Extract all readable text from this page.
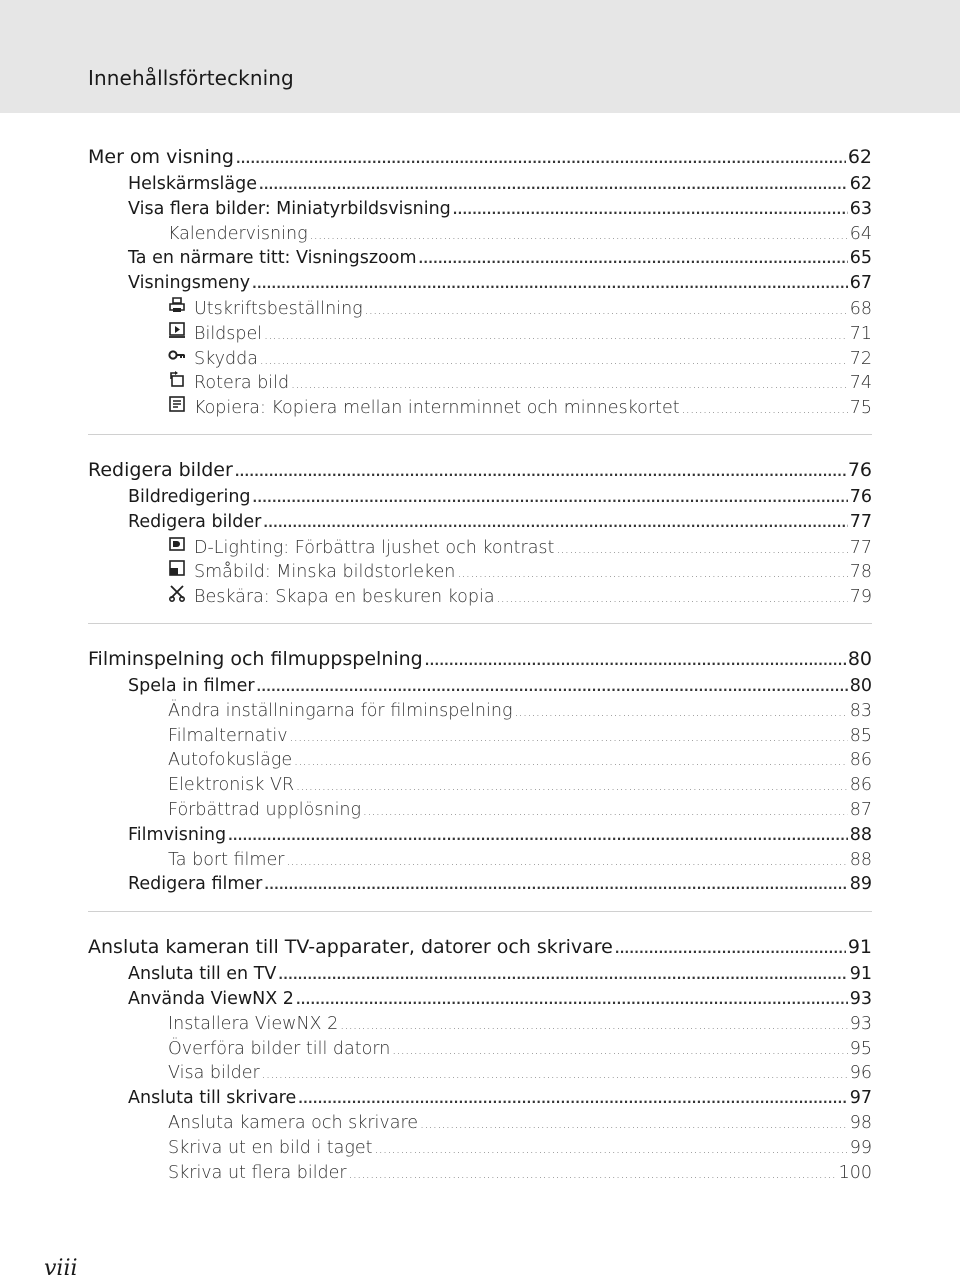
Innehållsförteckning
Mer om visning .....	62
Helskärmsläge .....	62
Visa flera bilder: Miniatyrbildsvisning .....	63
Kalendervisning .....	64
Ta en närmare titt: Visningszoom .....	65
Visningsmeny .....	67
Utskriftsbeställning .....	68
Bildspel .....	71
Skydda .....	72
Rotera bild .....	74
Kopiera: Kopiera mellan internminnet och minneskortet .....	75
Redigera bilder .....	76
Bildredigering .....	76
Redigera bilder .....	77
D-Lighting: Förbättra ljushet och kontrast .....	77
Småbild: Minska bildstorleken .....	78
Beskära: Skapa en beskuren kopia .....	79
Filminspelning och filmuppspelning .....	80
Spela in filmer .....	80
Ändra inställningarna för filminspelning .....	83
Filmalternativ .....	85
Autofokusläge .....	86
Elektronisk VR .....	86
Förbättrad upplösning .....	87
Filmvisning .....	88
Ta bort filmer .....	88
Redigera filmer .....	89
Ansluta kameran till TV-apparater, datorer och skrivare .....	91
Ansluta till en TV .....	91
Använda ViewNX 2 .....	93
Installera ViewNX 2 .....	93
Överföra bilder till datorn .....	95
Visa bilder .....	96
Ansluta till skrivare .....	97
Ansluta kamera och skrivare .....	98
Skriva ut en bild i taget .....	99
Skriva ut flera bilder .....	100
viii
